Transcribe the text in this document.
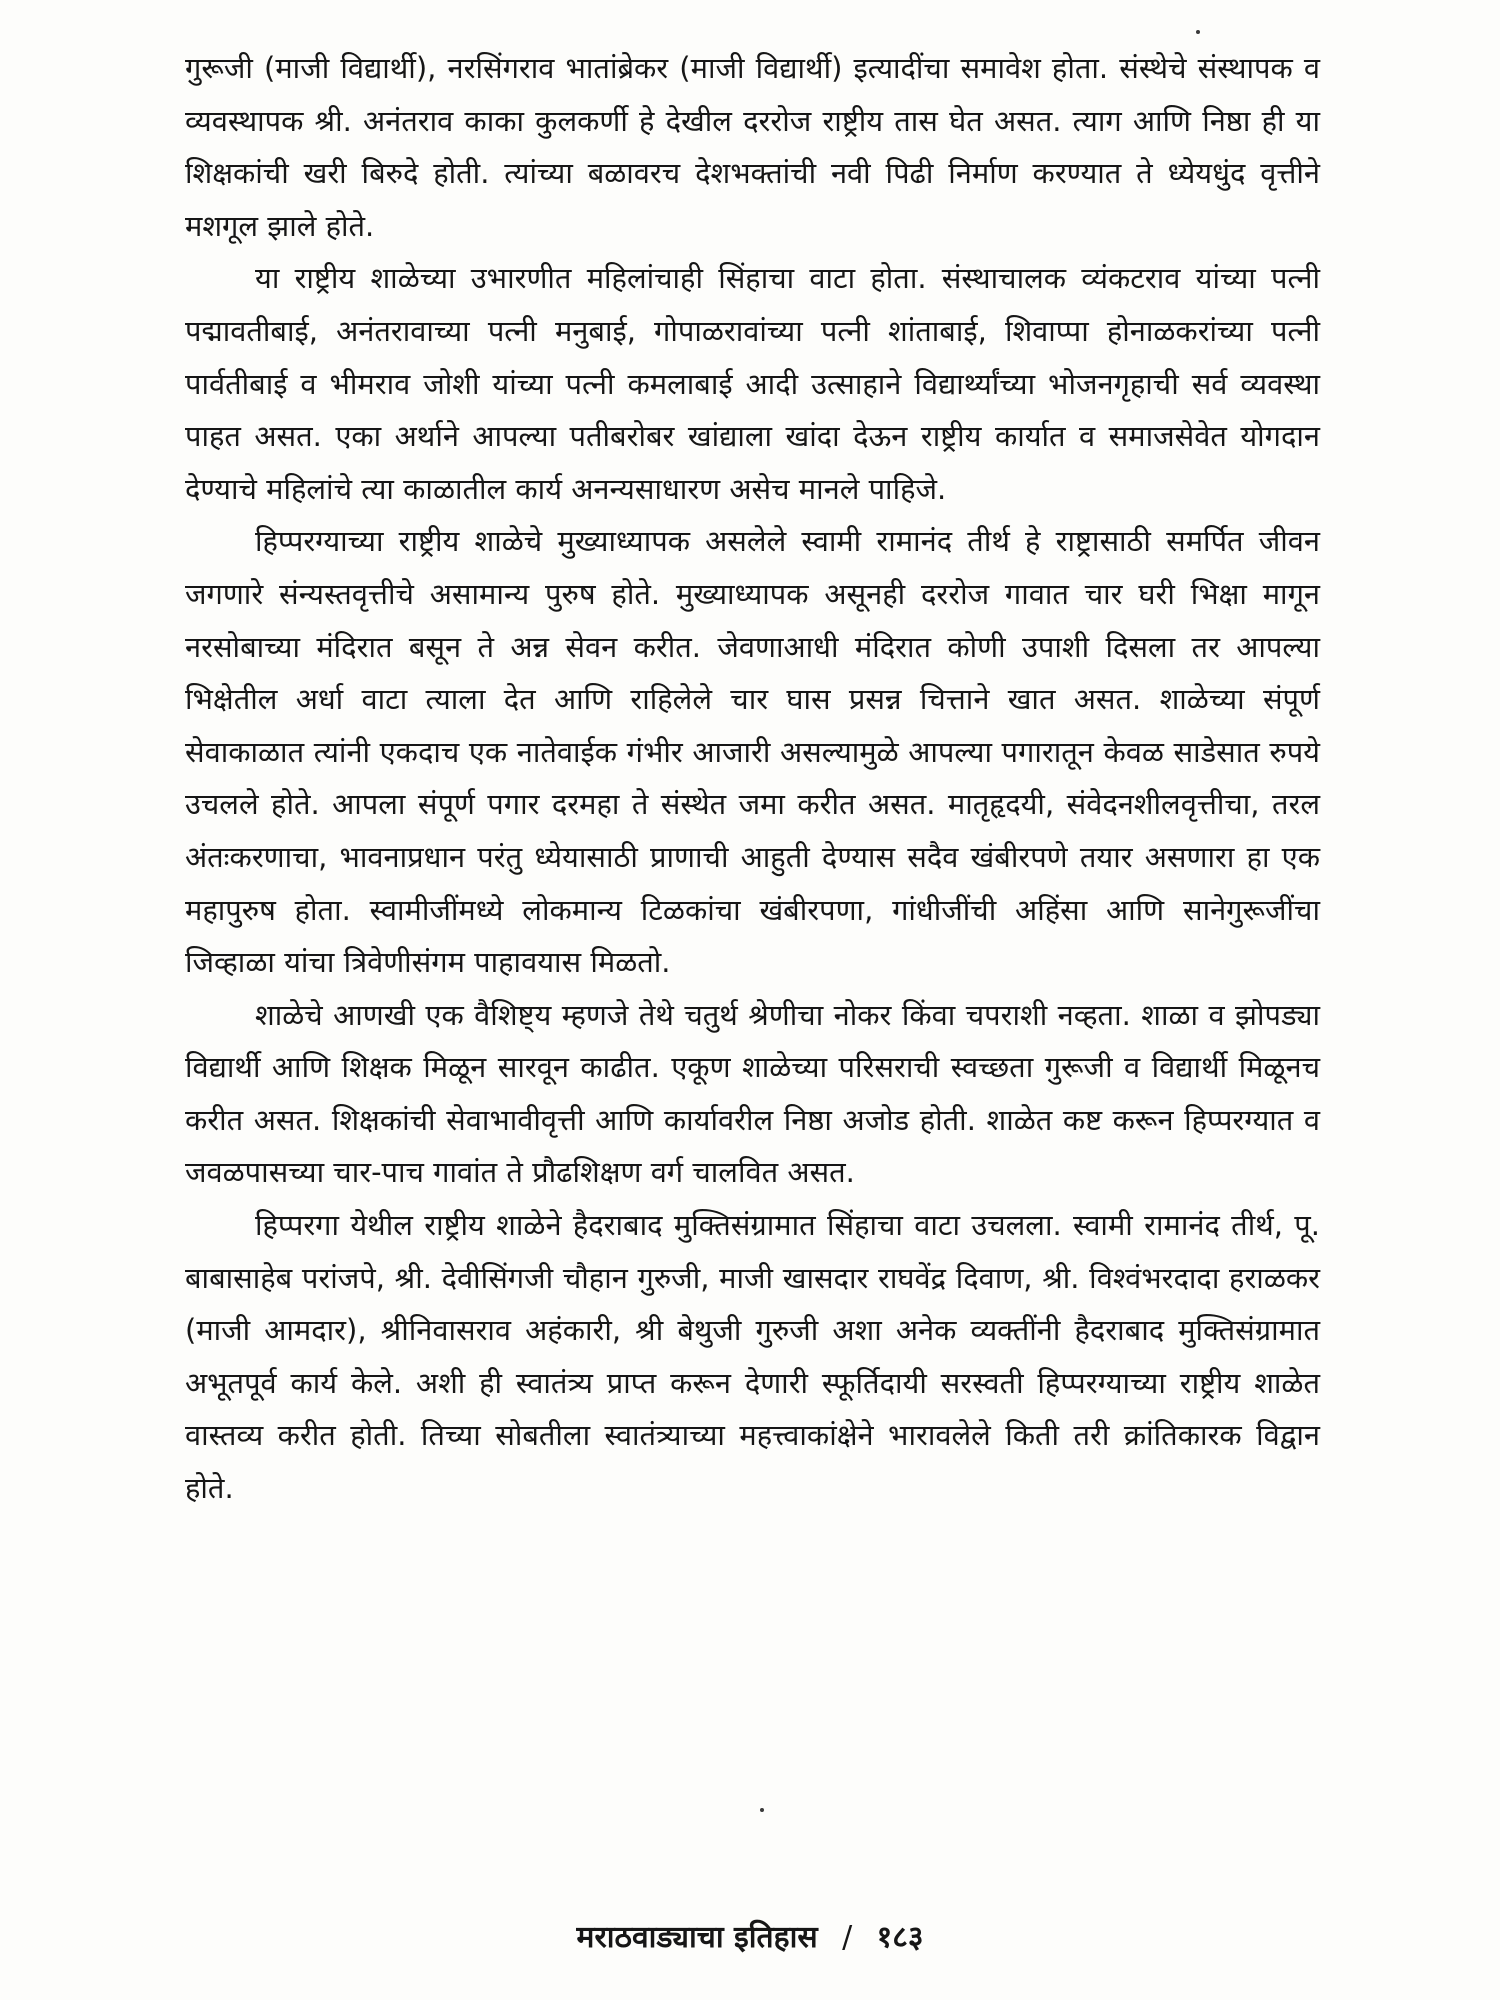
गुरूजी (माजी विद्यार्थी), नरसिंगराव भातांब्रेकर (माजी विद्यार्थी) इत्यादींचा समावेश होता. संस्थेचे संस्थापक व व्यवस्थापक श्री. अनंतराव काका कुलकर्णी हे देखील दररोज राष्ट्रीय तास घेत असत. त्याग आणि निष्ठा ही या शिक्षकांची खरी बिरुदे होती. त्यांच्या बळावरच देशभक्तांची नवी पिढी निर्माण करण्यात ते ध्येयधुंद वृत्तीने मशगूल झाले होते.

या राष्ट्रीय शाळेच्या उभारणीत महिलांचाही सिंहाचा वाटा होता. संस्थाचालक व्यंकटराव यांच्या पत्नी पद्मावतीबाई, अनंतरावाच्या पत्नी मनुबाई, गोपाळरावांच्या पत्नी शांताबाई, शिवाप्पा होनाळकरांच्या पत्नी पार्वतीबाई व भीमराव जोशी यांच्या पत्नी कमलाबाई आदी उत्साहाने विद्यार्थ्यांच्या भोजनगृहाची सर्व व्यवस्था पाहत असत. एका अर्थाने आपल्या पतीबरोबर खांद्याला खांदा देऊन राष्ट्रीय कार्यात व समाजसेवेत योगदान देण्याचे महिलांचे त्या काळातील कार्य अनन्यसाधारण असेच मानले पाहिजे.

हिप्परग्याच्या राष्ट्रीय शाळेचे मुख्याध्यापक असलेले स्वामी रामानंद तीर्थ हे राष्ट्रासाठी समर्पित जीवन जगणारे संन्यस्तवृत्तीचे असामान्य पुरुष होते. मुख्याध्यापक असूनही दररोज गावात चार घरी भिक्षा मागून नरसोबाच्या मंदिरात बसून ते अन्न सेवन करीत. जेवणाआधी मंदिरात कोणी उपाशी दिसला तर आपल्या भिक्षेतील अर्धा वाटा त्याला देत आणि राहिलेले चार घास प्रसन्न चित्ताने खात असत. शाळेच्या संपूर्ण सेवाकाळात त्यांनी एकदाच एक नातेवाईक गंभीर आजारी असल्यामुळे आपल्या पगारातून केवळ साडेसात रुपये उचलले होते. आपला संपूर्ण पगार दरमहा ते संस्थेत जमा करीत असत. मातृहृदयी, संवेदनशीलवृत्तीचा, तरल अंतःकरणाचा, भावनाप्रधान परंतु ध्येयासाठी प्राणाची आहुती देण्यास सदैव खंबीरपणे तयार असणारा हा एक महापुरुष होता. स्वामीजींमध्ये लोकमान्य टिळकांचा खंबीरपणा, गांधीजींची अहिंसा आणि सानेगुरूजींचा जिव्हाळा यांचा त्रिवेणीसंगम पाहावयास मिळतो.

शाळेचे आणखी एक वैशिष्ट्य म्हणजे तेथे चतुर्थ श्रेणीचा नोकर किंवा चपराशी नव्हता. शाळा व झोपड्या विद्यार्थी आणि शिक्षक मिळून सारवून काढीत. एकूण शाळेच्या परिसराची स्वच्छता गुरूजी व विद्यार्थी मिळूनच करीत असत. शिक्षकांची सेवाभावीवृत्ती आणि कार्यावरील निष्ठा अजोड होती. शाळेत कष्ट करून हिप्परग्यात व जवळपासच्या चार-पाच गावांत ते प्रौढशिक्षण वर्ग चालवित असत.

हिप्परगा येथील राष्ट्रीय शाळेने हैदराबाद मुक्तिसंग्रामात सिंहाचा वाटा उचलला. स्वामी रामानंद तीर्थ, पू. बाबासाहेब परांजपे, श्री. देवीसिंगजी चौहान गुरुजी, माजी खासदार राघवेंद्र दिवाण, श्री. विश्वंभरदादा हराळकर (माजी आमदार), श्रीनिवासराव अहंकारी, श्री बेथुजी गुरुजी अशा अनेक व्यक्तींनी हैदराबाद मुक्तिसंग्रामात अभूतपूर्व कार्य केले. अशी ही स्वातंत्र्य प्राप्त करून देणारी स्फूर्तिदायी सरस्वती हिप्परग्याच्या राष्ट्रीय शाळेत वास्तव्य करीत होती. तिच्या सोबतीला स्वातंत्र्याच्या महत्त्वाकांक्षेने भारावलेले किती तरी क्रांतिकारक विद्वान होते.

मराठवाड्याचा इतिहास / १८३
